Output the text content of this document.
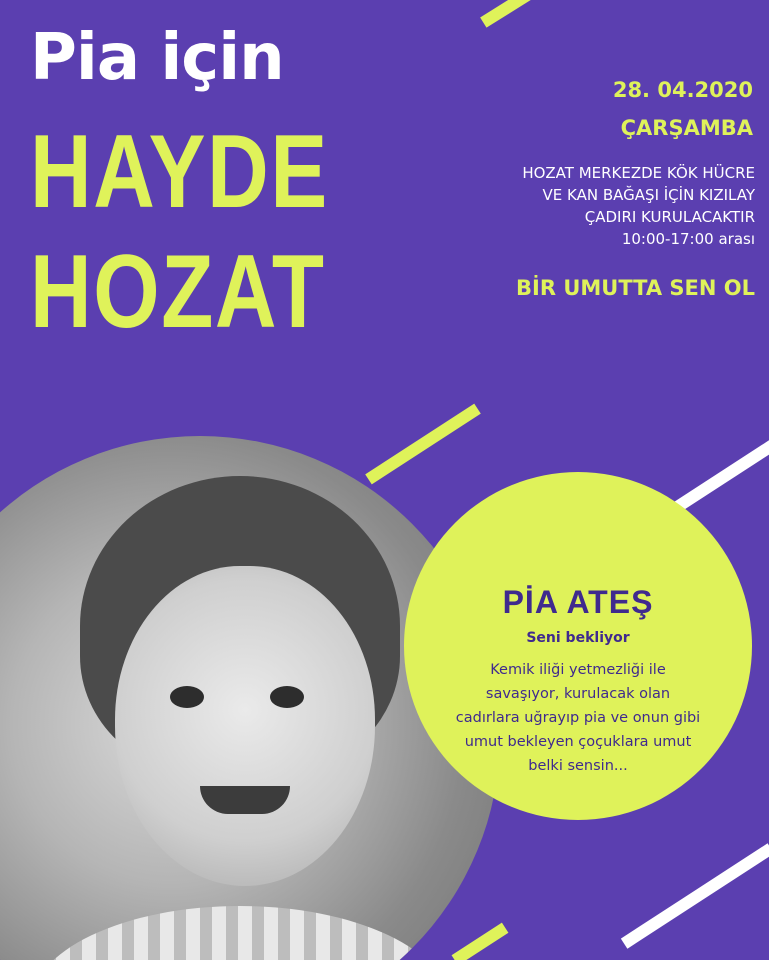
Pia için
HAYDE
HOZAT

28. 04.2020

ÇARŞAMBA

HOZAT MERKEZDE KÖK HÜCRE
VE KAN BAĞAŞI İÇİN KIZILAY
ÇADIRI KURULACAKTIR
10:00-17:00 arası

BİR UMUTTA SEN OL

PİA ATEŞ

Seni bekliyor
Kemik iliği yetmezliği ile
savaşıyor, kurulacak olan
cadırlara uğrayıp pia ve onun gibi
umut bekleyen çoçuklara umut
belki sensin...
